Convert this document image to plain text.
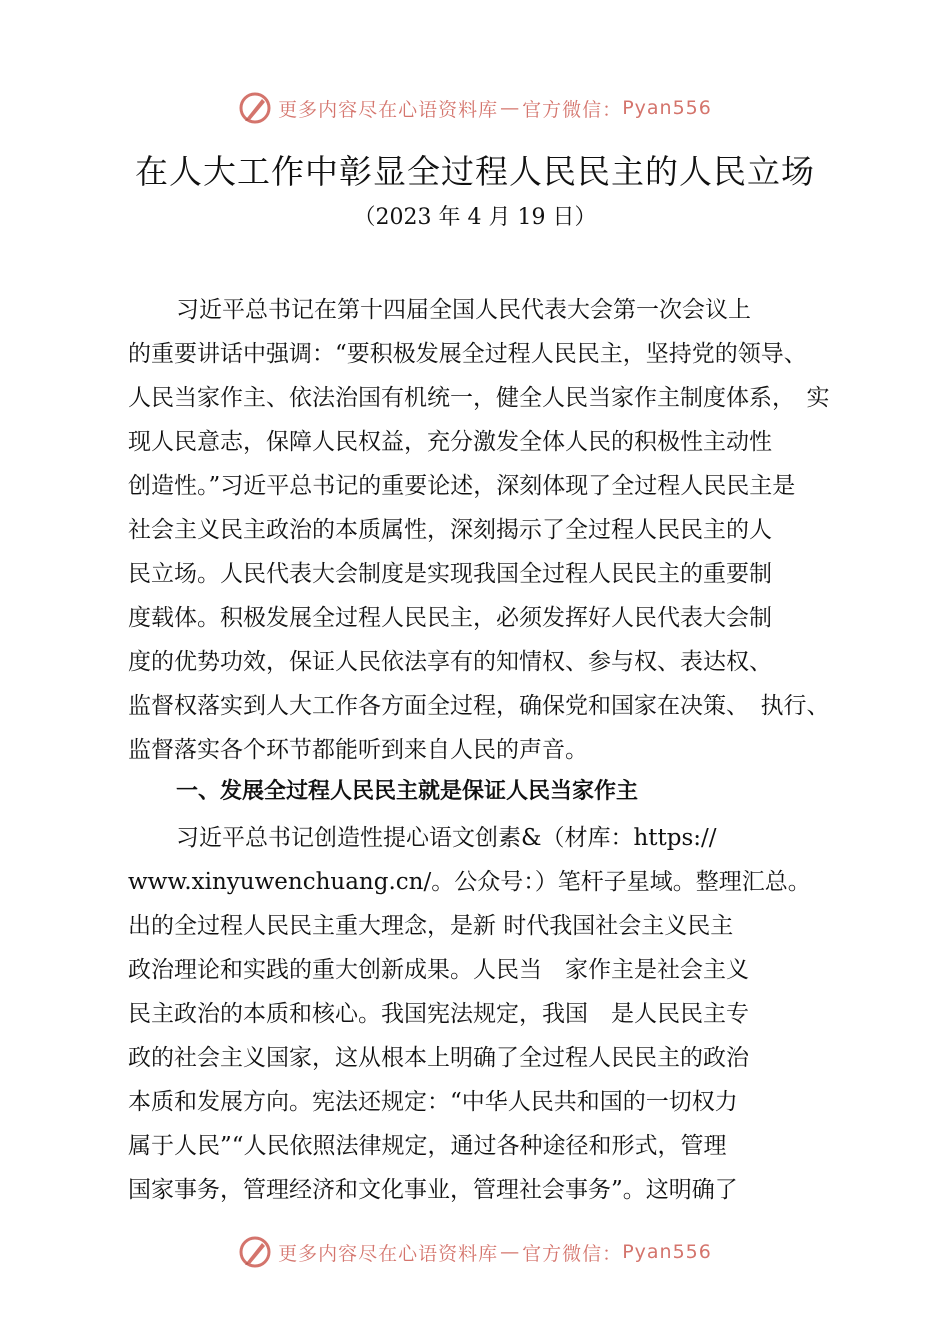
更多内容尽在心语资料库 — 官方微信： Pyan556
在人大工作中彰显全过程人民民主的人民立场
（2023 年 4 月 19 日）
习近平总书记在第十四届全国人民代表大会第一次会议上
的重要讲话中强调：“要积极发展全过程人民民主，坚持党的领导、
人民当家作主、依法治国有机统一，健全人民当家作主制度体系，　实
现人民意志，保障人民权益，充分激发全体人民的积极性主动性
创造性。”习近平总书记的重要论述，深刻体现了全过程人民民主是
社会主义民主政治的本质属性，深刻揭示了全过程人民民主的人
民立场。人民代表大会制度是实现我国全过程人民民主的重要制
度载体。积极发展全过程人民民主，必须发挥好人民代表大会制
度的优势功效，保证人民依法享有的知情权、参与权、表达权、
监督权落实到人大工作各方面全过程，确保党和国家在决策、　执行、
监督落实各个环节都能听到来自人民的声音。
一、发展全过程人民民主就是保证人民当家作主
习近平总书记创造性提心语文创素&（材库：https://
www.xinyuwenchuang.cn/。公众号：）笔杆子星域。整理汇总。
出的全过程人民民主重大理念，是新 时代我国社会主义民主
政治理论和实践的重大创新成果。人民当　家作主是社会主义
民主政治的本质和核心。我国宪法规定，我国　是人民民主专
政的社会主义国家，这从根本上明确了全过程人民民主的政治
本质和发展方向。宪法还规定：“中华人民共和国的一切权力
属于人民”“人民依照法律规定，通过各种途径和形式，管理
国家事务，管理经济和文化事业，管理社会事务”。这明确了
更多内容尽在心语资料库 — 官方微信： Pyan556
